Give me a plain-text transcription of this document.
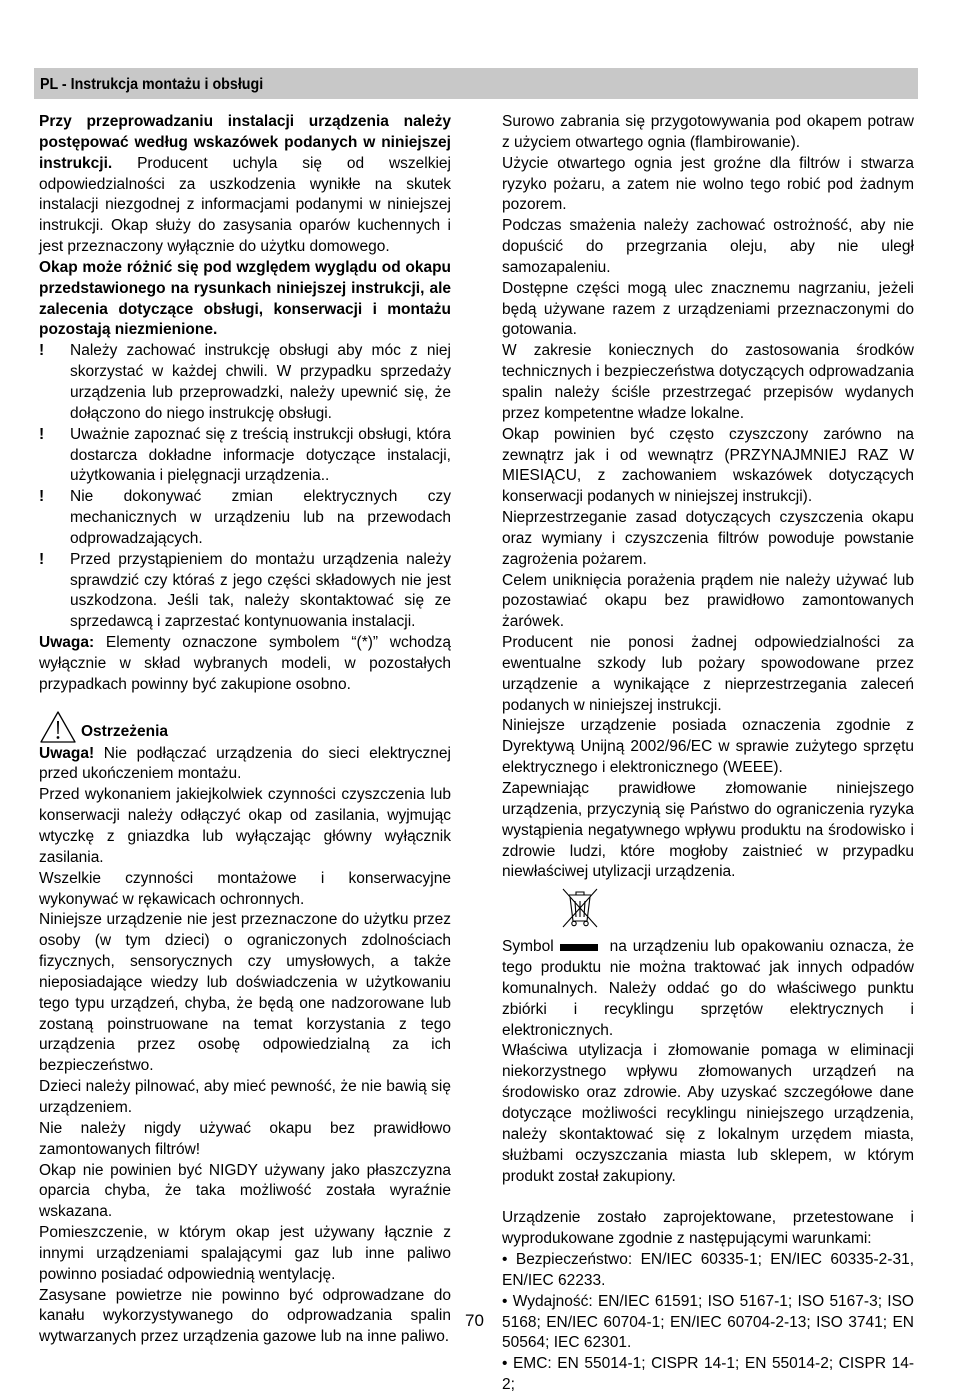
PL - Instrukcja montażu i obsługi

Przy przeprowadzaniu instalacji urządzenia należy postępować według wskazówek podanych w niniejszej instrukcji. Producent uchyla się od wszelkiej odpowiedzialności za uszkodzenia wynikłe na skutek instalacji niezgodnej z informacjami podanymi w niniejszej instrukcji. Okap służy do zasysania oparów kuchennych i jest przeznaczony wyłącznie do użytku domowego.

Okap może różnić się pod względem wyglądu od okapu przedstawionego na rysunkach niniejszej instrukcji, ale zalecenia dotyczące obsługi, konserwacji i montażu pozostają niezmienione.

!	Należy zachować instrukcję obsługi aby móc z niej skorzystać w każdej chwili. W przypadku sprzedaży urządzenia lub przeprowadzki, należy upewnić się, że dołączono do niego instrukcję obsługi.
!	Uważnie zapoznać się z treścią instrukcji obsługi, która dostarcza dokładne informacje dotyczące instalacji, użytkowania i pielęgnacji urządzenia..
!	Nie dokonywać zmian elektrycznych czy mechanicznych w urządzeniu lub na przewodach odprowadzających.
!	Przed przystąpieniem do montażu urządzenia należy sprawdzić czy któraś z jego części składowych nie jest uszkodzona. Jeśli tak, należy skontaktować się ze sprzedawcą i zaprzestać kontynuowania instalacji.

Uwaga: Elementy oznaczone symbolem “(*)” wchodzą wyłącznie w skład wybranych modeli, w pozostałych przypadkach powinny być zakupione osobno.

Ostrzeżenia

Uwaga! Nie podłączać urządzenia do sieci elektrycznej przed ukończeniem montażu.

Przed wykonaniem jakiejkolwiek czynności czyszczenia lub konserwacji należy odłączyć okap od zasilania, wyjmując wtyczkę z gniazdka lub wyłączając główny wyłącznik zasilania.

Wszelkie czynności montażowe i konserwacyjne wykonywać w rękawicach ochronnych.

Niniejsze urządzenie nie jest przeznaczone do użytku przez osoby (w tym dzieci) o ograniczonych zdolnościach fizycznych, sensorycznych czy umysłowych, a także nieposiadające wiedzy lub doświadczenia w użytkowaniu tego typu urządzeń, chyba, że będą one nadzorowane lub zostaną poinstruowane na temat korzystania z tego urządzenia przez osobę odpowiedzialną za ich bezpieczeństwo.

Dzieci należy pilnować, aby mieć pewność, że nie bawią się urządzeniem.

Nie należy nigdy używać okapu bez prawidłowo zamontowanych filtrów!

Okap nie powinien być NIGDY używany jako płaszczyzna oparcia chyba, że taka możliwość została wyraźnie wskazana.

Pomieszczenie, w którym okap jest używany łącznie z innymi urządzeniami spalającymi gaz lub inne paliwo powinno posiadać odpowiednią wentylację.

Zasysane powietrze nie powinno być odprowadzane do kanału wykorzystywanego do odprowadzania spalin wytwarzanych przez urządzenia gazowe lub na inne paliwo.

Surowo zabrania się przygotowywania pod okapem potraw z użyciem otwartego ognia (flambirowanie).

Użycie otwartego ognia jest groźne dla filtrów i stwarza ryzyko pożaru, a zatem nie wolno tego robić pod żadnym pozorem.

Podczas smażenia należy zachować ostrożność, aby nie dopuścić do przegrzania oleju, aby nie uległ samozapaleniu.

Dostępne części mogą ulec znacznemu nagrzaniu, jeżeli będą używane razem z urządzeniami przeznaczonymi do gotowania.

W zakresie koniecznych do zastosowania środków technicznych i bezpieczeństwa dotyczących odprowadzania spalin należy ściśle przestrzegać przepisów wydanych przez kompetentne władze lokalne.

Okap powinien być często czyszczony zarówno na zewnątrz jak i od wewnątrz (PRZYNAJMNIEJ RAZ W MIESIĄCU, z zachowaniem wskazówek dotyczących konserwacji podanych w niniejszej instrukcji).

Nieprzestrzeganie zasad dotyczących czyszczenia okapu oraz wymiany i czyszczenia filtrów powoduje powstanie zagrożenia pożarem.

Celem uniknięcia porażenia prądem nie należy używać lub pozostawiać okapu bez prawidłowo zamontowanych żarówek.

Producent nie ponosi żadnej odpowiedzialności za ewentualne szkody lub pożary spowodowane przez urządzenie a wynikające z nieprzestrzegania zaleceń podanych w niniejszej instrukcji.

Niniejsze urządzenie posiada oznaczenia zgodnie z Dyrektywą Unijną 2002/96/EC w sprawie zużytego sprzętu elektrycznego i elektronicznego (WEEE).

Zapewniając prawidłowe złomowanie niniejszego urządzenia, przyczynią się Państwo do ograniczenia ryzyka wystąpienia negatywnego wpływu produktu na środowisko i zdrowie ludzi, które mogłoby zaistnieć w przypadku niewłaściwej utylizacji urządzenia.

Symbol	na urządzeniu lub opakowaniu oznacza, że tego produktu nie można traktować jak innych odpadów komunalnych. Należy oddać go do właściwego punktu zbiórki i recyklingu sprzętów elektrycznych i elektronicznych.

Właściwa utylizacja i złomowanie pomaga w eliminacji niekorzystnego wpływu złomowanych urządzeń na środowisko oraz zdrowie. Aby uzyskać szczegółowe dane dotyczące możliwości recyklingu niniejszego urządzenia, należy skontaktować się z lokalnym urzędem miasta, służbami oczyszczania miasta lub sklepem, w którym produkt został zakupiony.

Urządzenie zostało zaprojektowane, przetestowane i wyprodukowane zgodnie z następującymi warunkami:

• Bezpieczeństwo: EN/IEC 60335-1; EN/IEC 60335-2-31, EN/IEC 62233.

• Wydajność: EN/IEC 61591; ISO 5167-1; ISO 5167-3; ISO 5168; EN/IEC 60704-1; EN/IEC 60704-2-13; ISO 3741; EN 50564; IEC 62301.

• EMC: EN 55014-1; CISPR 14-1; EN 55014-2; CISPR 14-2;

70
